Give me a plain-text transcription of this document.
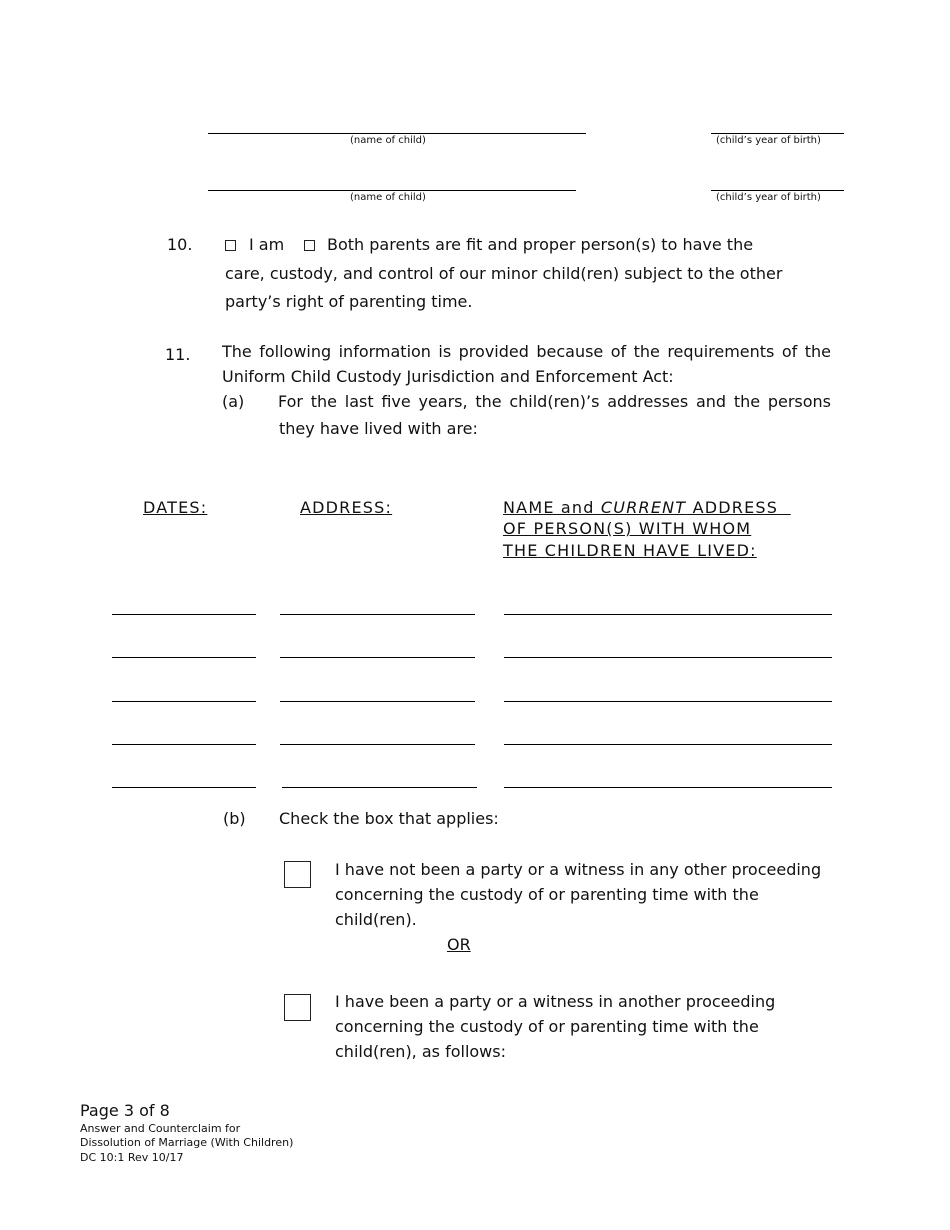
(name of child)	(child’s year of birth)
(name of child)	(child’s year of birth)
10.	I am	Both parents are fit and proper person(s) to have the
care, custody, and control of our minor child(ren) subject to the other
party’s right of parenting time.
11. The following information is provided because of the requirements of the
Uniform Child Custody Jurisdiction and Enforcement Act:
(a) For the last five years, the child(ren)’s addresses and the persons
they have lived with are:
DATES:	ADDRESS:	NAME and CURRENT ADDRESS
OF PERSON(S) WITH WHOM
THE CHILDREN HAVE LIVED:
(b) Check the box that applies:
I have not been a party or a witness in any other proceeding
concerning the custody of or parenting time with the
child(ren).
OR
I have been a party or a witness in another proceeding
concerning the custody of or parenting time with the
child(ren), as follows:
Page 3 of 8
Answer and Counterclaim for
Dissolution of Marriage (With Children)
DC 10:1 Rev 10/17
